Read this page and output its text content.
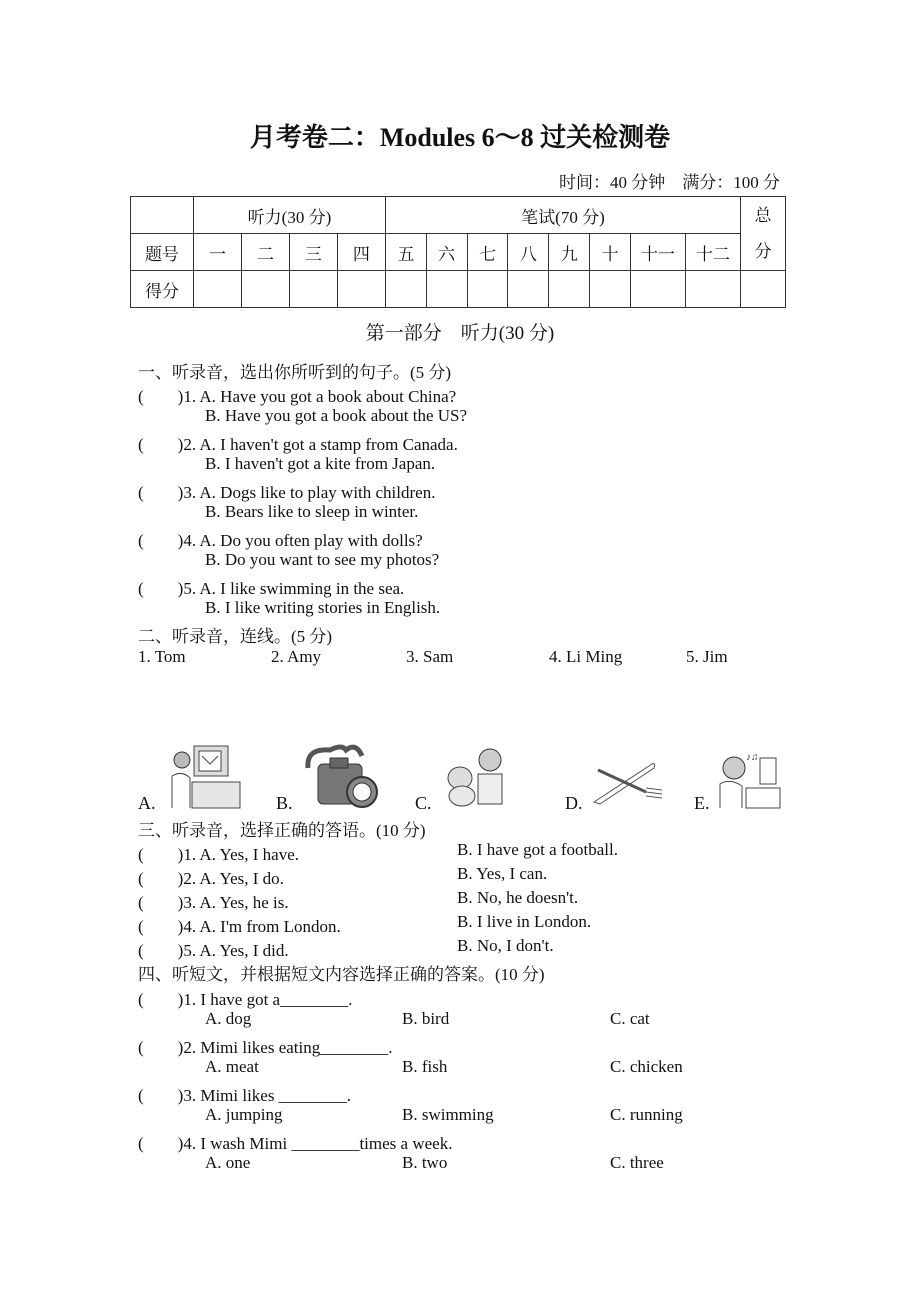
月考卷二：Modules 6～8 过关检测卷
时间：40 分钟　满分：100 分
	听力(30 分)				笔试(70 分)								总
分
题号	一	二	三	四	五	六	七	八	九	十	十一	十二	
得分													
第一部分　听力(30 分)
一、听录音，选出你所听到的句子。(5 分)
(　　)1. A. Have you got a book about China?
B. Have you got a book about the US?
(　　)2. A. I haven't got a stamp from Canada.
B. I haven't got a kite from Japan.
(　　)3. A. Dogs like to play with children.
B. Bears like to sleep in winter.
(　　)4. A. Do you often play with dolls?
B. Do you want to see my photos?
(　　)5. A. I like swimming in the sea.
B. I like writing stories in English.
二、听录音，连线。(5 分)
1. Tom	2. Amy	3. Sam	4. Li Ming	5. Jim
A.	B.	C.	D.	E.
♪♫
三、听录音，选择正确的答语。(10 分)
(　　)1. A. Yes, I have.	B. I have got a football.
(　　)2. A. Yes, I do.	B. Yes, I can.
(　　)3. A. Yes, he is.	B. No, he doesn't.
(　　)4. A. I'm from London.	B. I live in London.
(　　)5. A. Yes, I did.	B. No, I don't.
四、听短文，并根据短文内容选择正确的答案。(10 分)
(　　)1. I have got a________.
A. dog	B. bird	C. cat
(　　)2. Mimi likes eating________.
A. meat	B. fish	C. chicken
(　　)3. Mimi likes ________.
A. jumping	B. swimming	C. running
(　　)4. I wash Mimi ________times a week.
A. one	B. two	C. three
